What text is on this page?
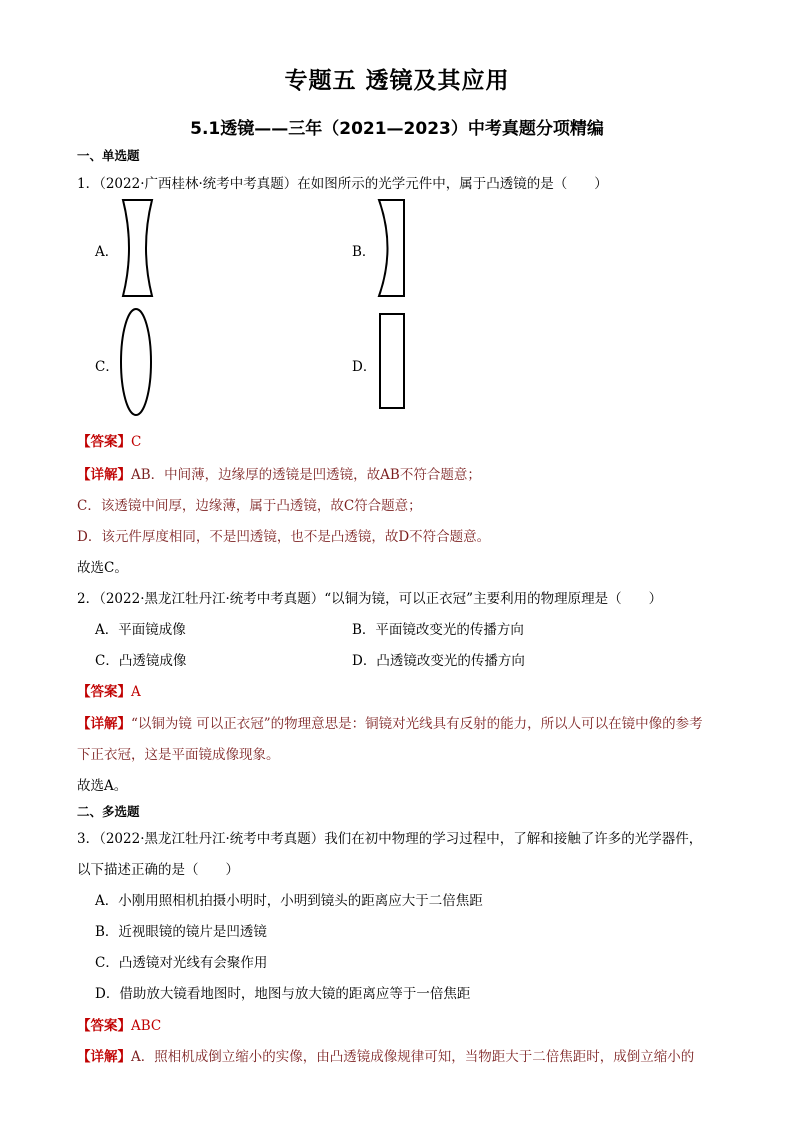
专题五 透镜及其应用
5.1透镜——三年（2021—2023）中考真题分项精编
一、单选题
1．（2022·广西桂林·统考中考真题）在如图所示的光学元件中，属于凸透镜的是（　　）
A．	B．
C．	D．
【答案】C
【详解】AB．中间薄，边缘厚的透镜是凹透镜，故AB不符合题意；
C．该透镜中间厚，边缘薄，属于凸透镜，故C符合题意；
D．该元件厚度相同，不是凹透镜，也不是凸透镜，故D不符合题意。
故选C。
2．（2022·黑龙江牡丹江·统考中考真题）“以铜为镜，可以正衣冠”主要利用的物理原理是（　　）
A．平面镜成像	B．平面镜改变光的传播方向
C．凸透镜成像	D．凸透镜改变光的传播方向
【答案】A
【详解】“以铜为镜 可以正衣冠”的物理意思是：铜镜对光线具有反射的能力，所以人可以在镜中像的参考
下正衣冠，这是平面镜成像现象。
故选A。
二、多选题
3．（2022·黑龙江牡丹江·统考中考真题）我们在初中物理的学习过程中，了解和接触了许多的光学器件，
以下描述正确的是（　　）
A．小刚用照相机拍摄小明时，小明到镜头的距离应大于二倍焦距
B．近视眼镜的镜片是凹透镜
C．凸透镜对光线有会聚作用
D．借助放大镜看地图时，地图与放大镜的距离应等于一倍焦距
【答案】ABC
【详解】A．照相机成倒立缩小的实像，由凸透镜成像规律可知，当物距大于二倍焦距时，成倒立缩小的
